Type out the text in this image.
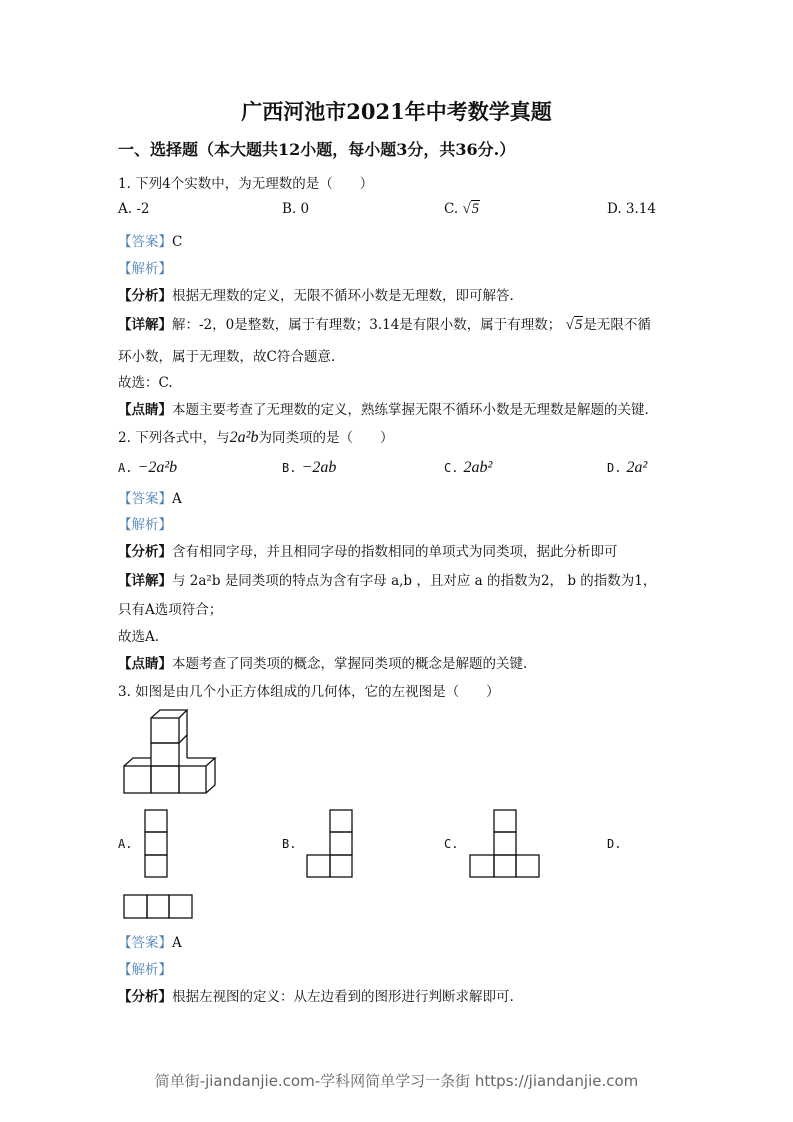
广西河池市2021年中考数学真题
一、选择题（本大题共12小题，每小题3分，共36分.）
1. 下列4个实数中，为无理数的是（　　）
A. -2	B. 0	C. √5	D. 3.14
【答案】C
【解析】
【分析】根据无理数的定义，无限不循环小数是无理数，即可解答.
【详解】解：-2，0是整数，属于有理数；3.14是有限小数，属于有理数； √5是无限不循
环小数，属于无理数，故C符合题意.
故选：C.
【点睛】本题主要考查了无理数的定义，熟练掌握无限不循环小数是无理数是解题的关键.
2. 下列各式中，与2a²b为同类项的是（　　）
A. −2a²b	B. −2ab	C. 2ab²	D. 2a²
【答案】A
【解析】
【分析】含有相同字母，并且相同字母的指数相同的单项式为同类项，据此分析即可
【详解】与 2a²b 是同类项的特点为含有字母 a,b ，且对应 a 的指数为2， b 的指数为1，
只有A选项符合；
故选A.
【点睛】本题考查了同类项的概念，掌握同类项的概念是解题的关键.
3. 如图是由几个小正方体组成的几何体，它的左视图是（　　）
A.	B.	C.	D.
【答案】A
【解析】
【分析】根据左视图的定义：从左边看到的图形进行判断求解即可.
简单街-jiandanjie.com-学科网简单学习一条街 https://jiandanjie.com
